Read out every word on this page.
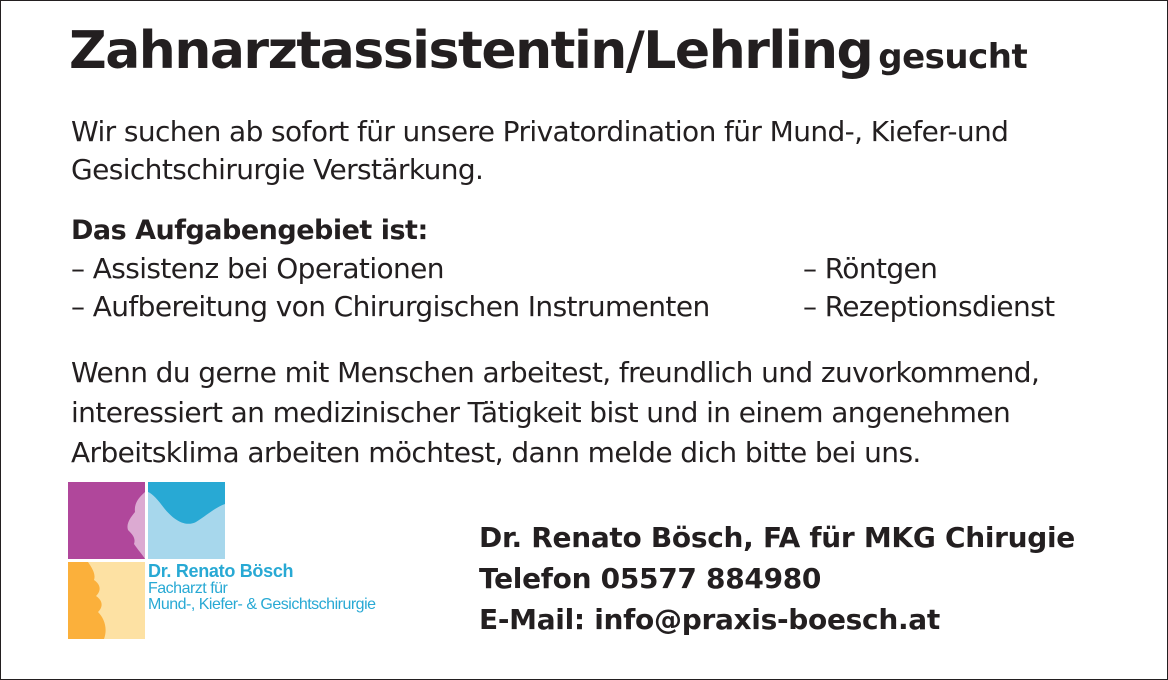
Zahnarztassistentin/Lehrling gesucht

Wir suchen ab sofort für unsere Privatordination für Mund-, Kiefer-und
Gesichtschirurgie Verstärkung.

Das Aufgabengebiet ist:

– Assistenz bei Operationen

– Aufbereitung von Chirurgischen Instrumenten

– Röntgen

– Rezeptionsdienst

Wenn du gerne mit Menschen arbeitest, freundlich und zuvorkommend,
interessiert an medizinischer Tätigkeit bist und in einem angenehmen
Arbeitsklima arbeiten möchtest, dann melde dich bitte bei uns.

Dr. Renato Bösch
Facharzt für
Mund-, Kiefer- & Gesichtschirurgie
Dr. Renato Bösch, FA für MKG Chirugie
Telefon 05577 884980
E-Mail: info@praxis-boesch.at
